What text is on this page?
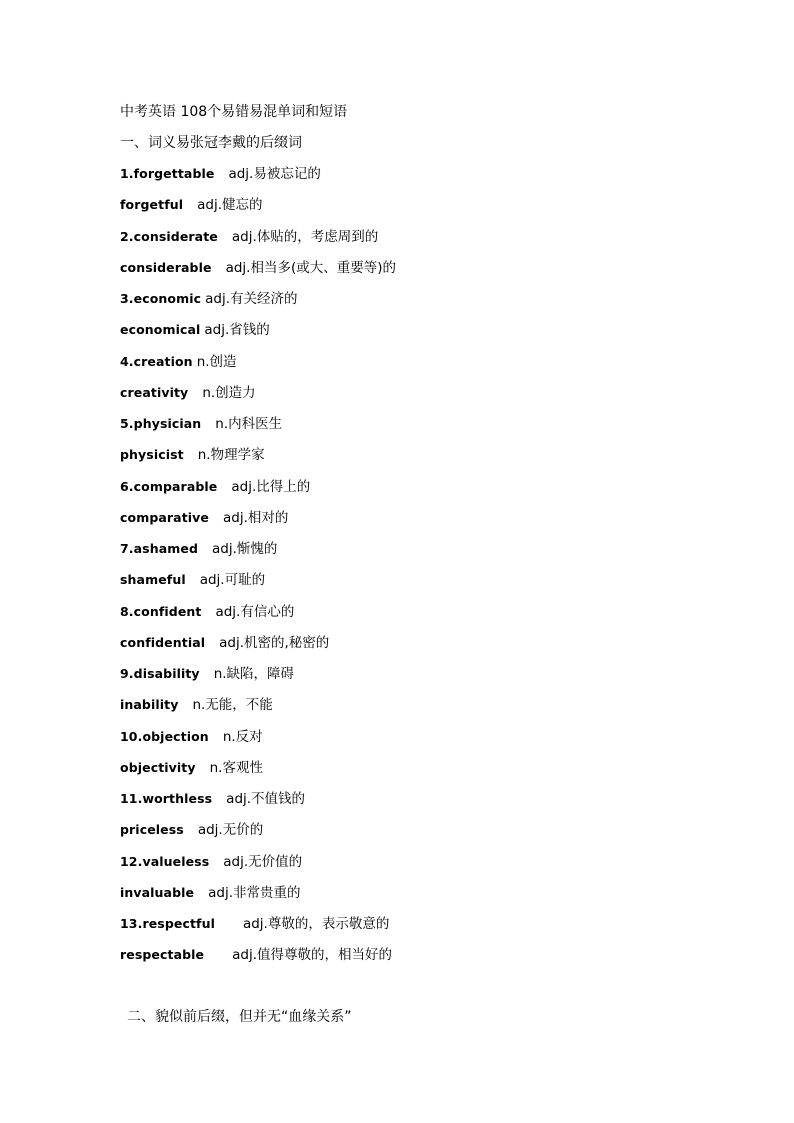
中考英语 108个易错易混单词和短语
一、词义易张冠李戴的后缀词
1.forgettable adj.易被忘记的
forgetful adj.健忘的
2.considerate adj.体贴的，考虑周到的
considerable adj.相当多(或大、重要等)的
3.economic adj.有关经济的
economical adj.省钱的
4.creation n.创造
creativity n.创造力
5.physician n.内科医生
physicist n.物理学家
6.comparable adj.比得上的
comparative adj.相对的
7.ashamed adj.惭愧的
shameful adj.可耻的
8.confident adj.有信心的
confidential adj.机密的,秘密的
9.disability n.缺陷，障碍
inability n.无能，不能
10.objection n.反对
objectivity n.客观性
11.worthless adj.不值钱的
priceless adj.无价的
12.valueless adj.无价值的
invaluable adj.非常贵重的
13.respectful adj.尊敬的，表示敬意的
respectable adj.值得尊敬的，相当好的
二、貌似前后缀，但并无“血缘关系”
